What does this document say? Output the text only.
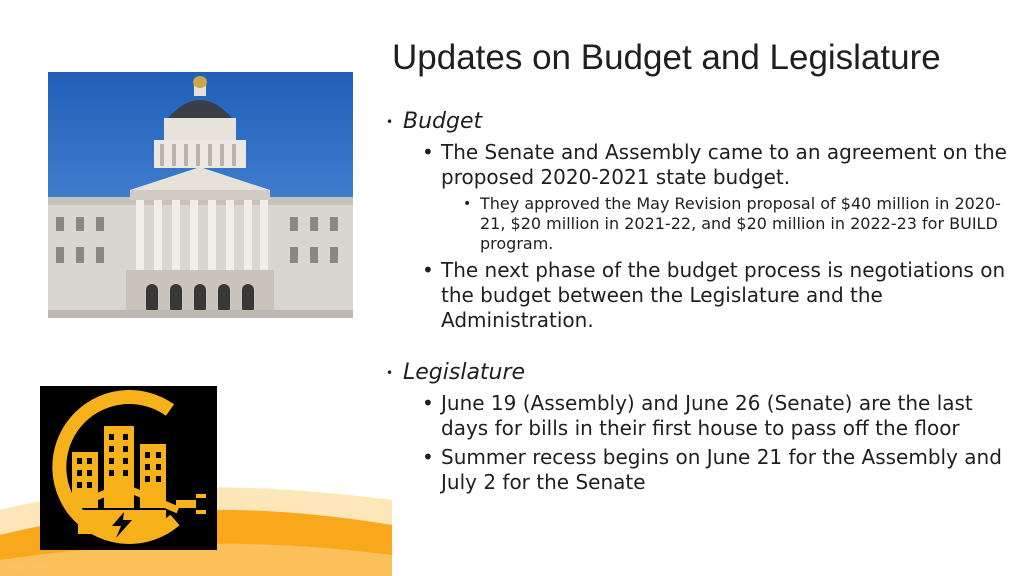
Updates on Budget and Legislature
lpgs.com
• Budget
• The Senate and Assembly came to an agreement on the proposed 2020-2021 state budget.
• They approved the May Revision proposal of $40 million in 2020-21, $20 million in 2021-22, and $20 million in 2022-23 for BUILD program.
• The next phase of the budget process is negotiations on the budget between the Legislature and the Administration.
• Legislature
• June 19 (Assembly) and June 26 (Senate) are the last days for bills in their first house to pass off the floor
• Summer recess begins on June 21 for the Assembly and July 2 for the Senate
